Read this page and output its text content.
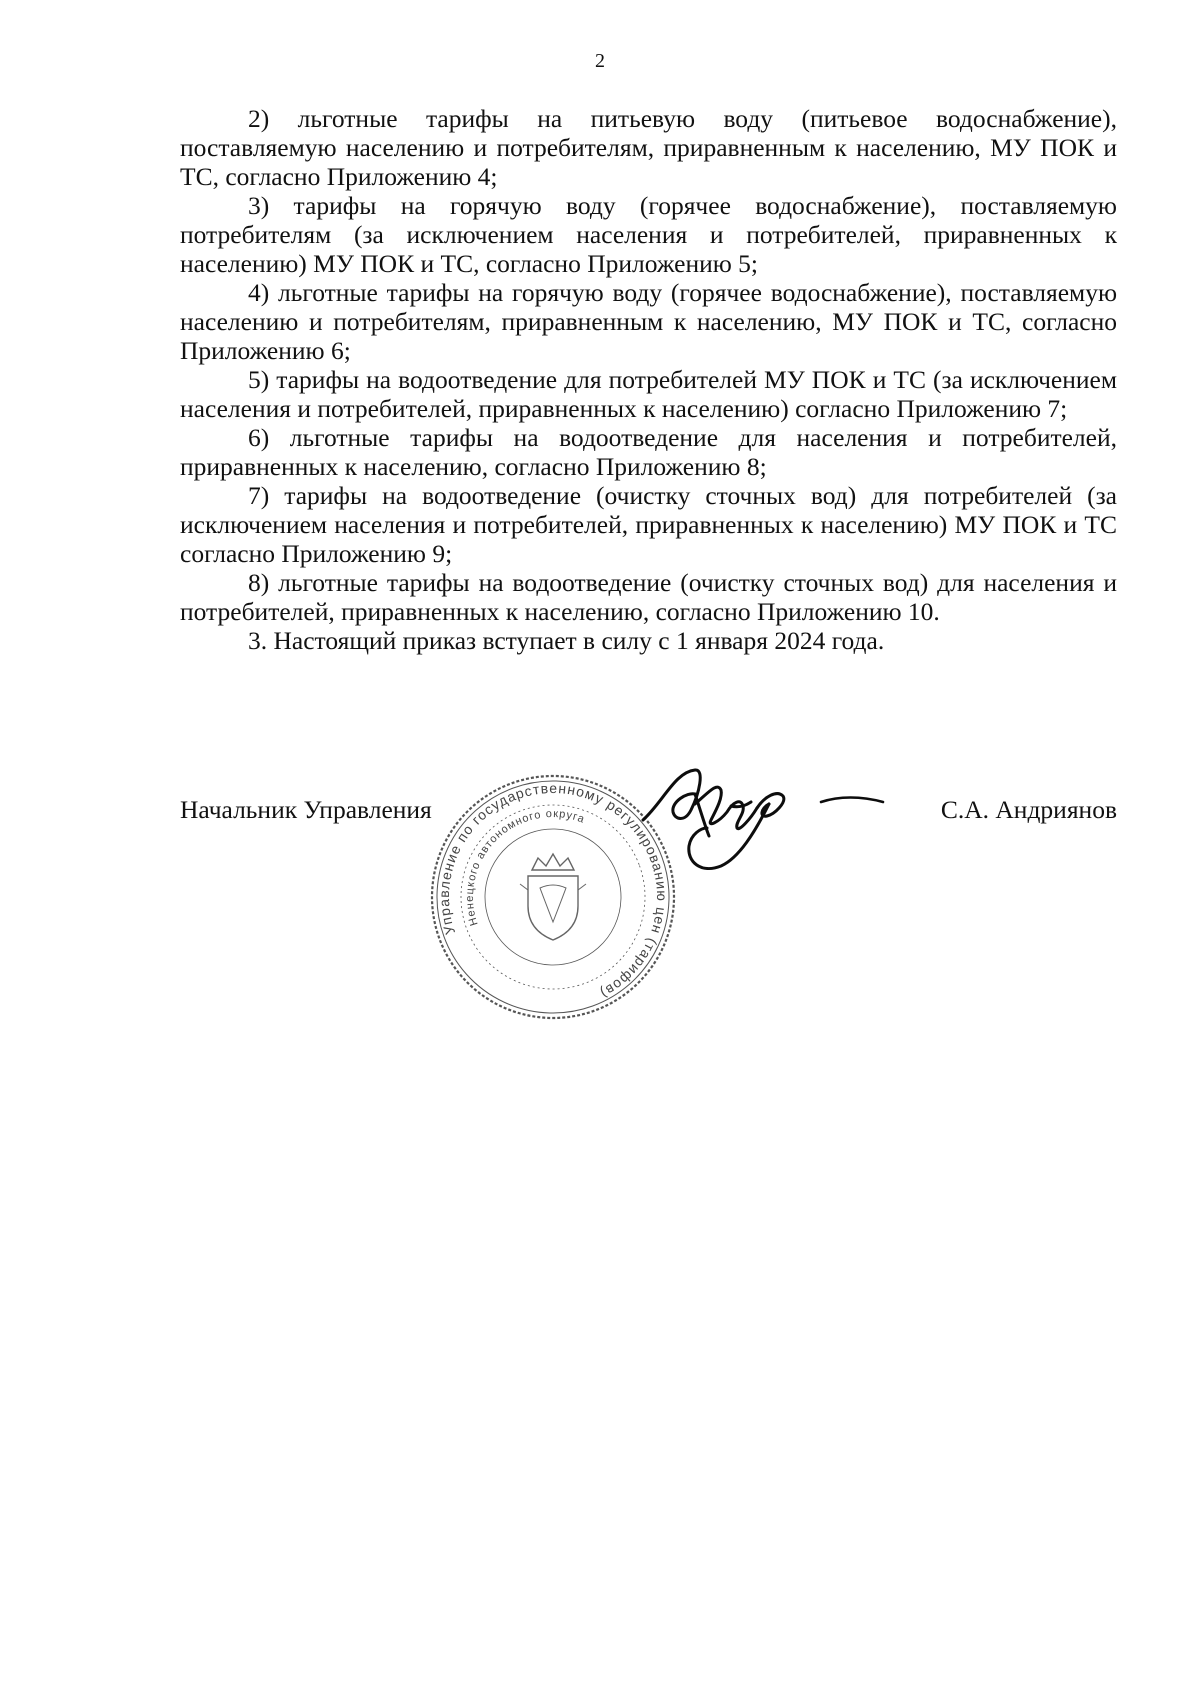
2

2) льготные тарифы на питьевую воду (питьевое водоснабжение), поставляемую населению и потребителям, приравненным к населению, МУ ПОК и ТС, согласно Приложению 4;

3) тарифы на горячую воду (горячее водоснабжение), поставляемую потребителям (за исключением населения и потребителей, приравненных к населению) МУ ПОК и ТС, согласно Приложению 5;

4) льготные тарифы на горячую воду (горячее водоснабжение), поставляемую населению и потребителям, приравненным к населению, МУ ПОК и ТС, согласно Приложению 6;

5) тарифы на водоотведение для потребителей МУ ПОК и ТС (за исключением населения и потребителей, приравненных к населению) согласно Приложению 7;

6) льготные тарифы на водоотведение для населения и потребителей, приравненных к населению, согласно Приложению 8;

7) тарифы на водоотведение (очистку сточных вод) для потребителей (за исключением населения и потребителей, приравненных к населению) МУ ПОК и ТС согласно Приложению 9;

8) льготные тарифы на водоотведение (очистку сточных вод) для населения и потребителей, приравненных к населению, согласно Приложению 10.

3. Настоящий приказ вступает в силу с 1 января 2024 года.

Управление по государственному регулированию цен (тарифов)
Ненецкого автономного округа
Начальник Управления	С.А. Андриянов
